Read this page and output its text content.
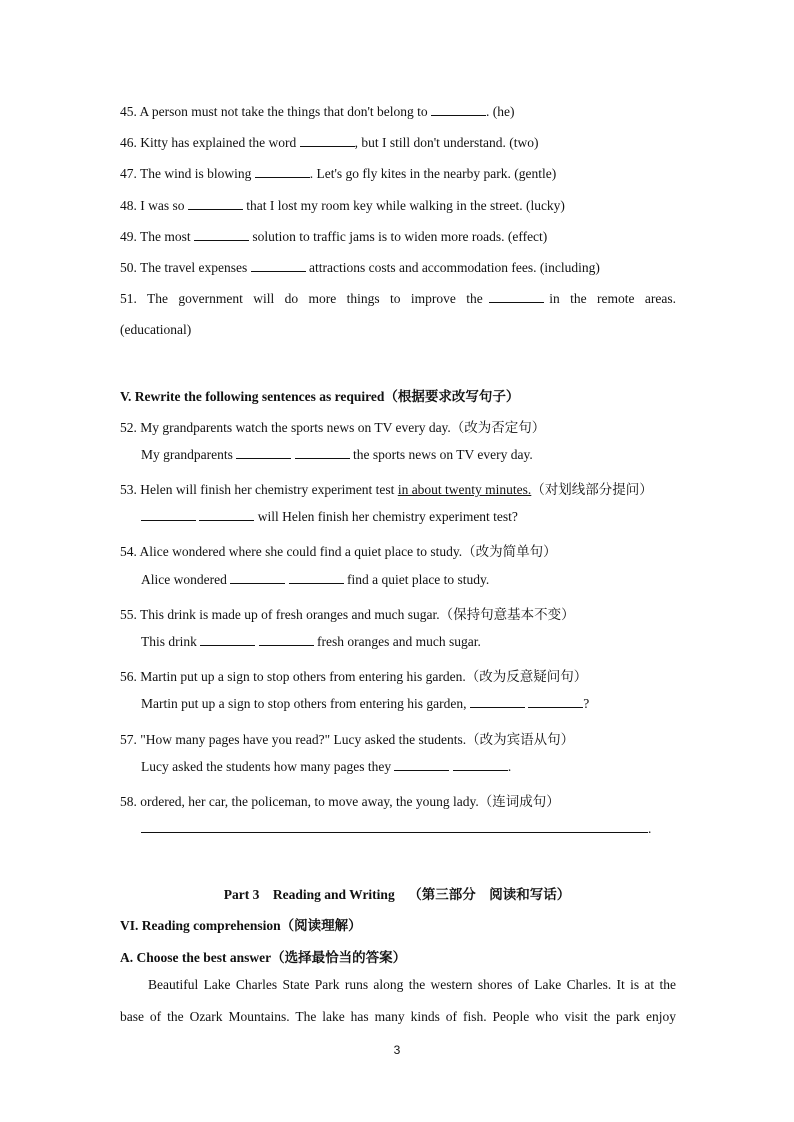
45. A person must not take the things that don't belong to	. (he)
46. Kitty has explained the word	, but I still don't understand. (two)
47. The wind is blowing	. Let's go fly kites in the nearby park. (gentle)
48. I was so	that I lost my room key while walking in the street. (lucky)
49. The most	solution to traffic jams is to widen more roads. (effect)
50. The travel expenses	attractions costs and accommodation fees. (including)
51. The government will do more things to improve the	in the remote areas.
(educational)
V. Rewrite the following sentences as required（根据要求改写句子）
52. My grandparents watch the sports news on TV every day.（改为否定句）
My grandparents	the sports news on TV every day.
53. Helen will finish her chemistry experiment test in about twenty minutes.（对划线部分提问）
will Helen finish her chemistry experiment test?
54. Alice wondered where she could find a quiet place to study.（改为简单句）
Alice wondered	find a quiet place to study.
55. This drink is made up of fresh oranges and much sugar.（保持句意基本不变）
This drink	fresh oranges and much sugar.
56. Martin put up a sign to stop others from entering his garden.（改为反意疑问句）
Martin put up a sign to stop others from entering his garden,	?
57. "How many pages have you read?" Lucy asked the students.（改为宾语从句）
Lucy asked the students how many pages they	.
58. ordered, her car, the policeman, to move away, the young lady.（连词成句）
.
Part 3    Reading and Writing    （第三部分    阅读和写话）
VI. Reading comprehension（阅读理解）
A. Choose the best answer（选择最恰当的答案）
Beautiful Lake Charles State Park runs along the western shores of Lake Charles. It is at the
base of the Ozark Mountains. The lake has many kinds of fish. People who visit the park enjoy
3
